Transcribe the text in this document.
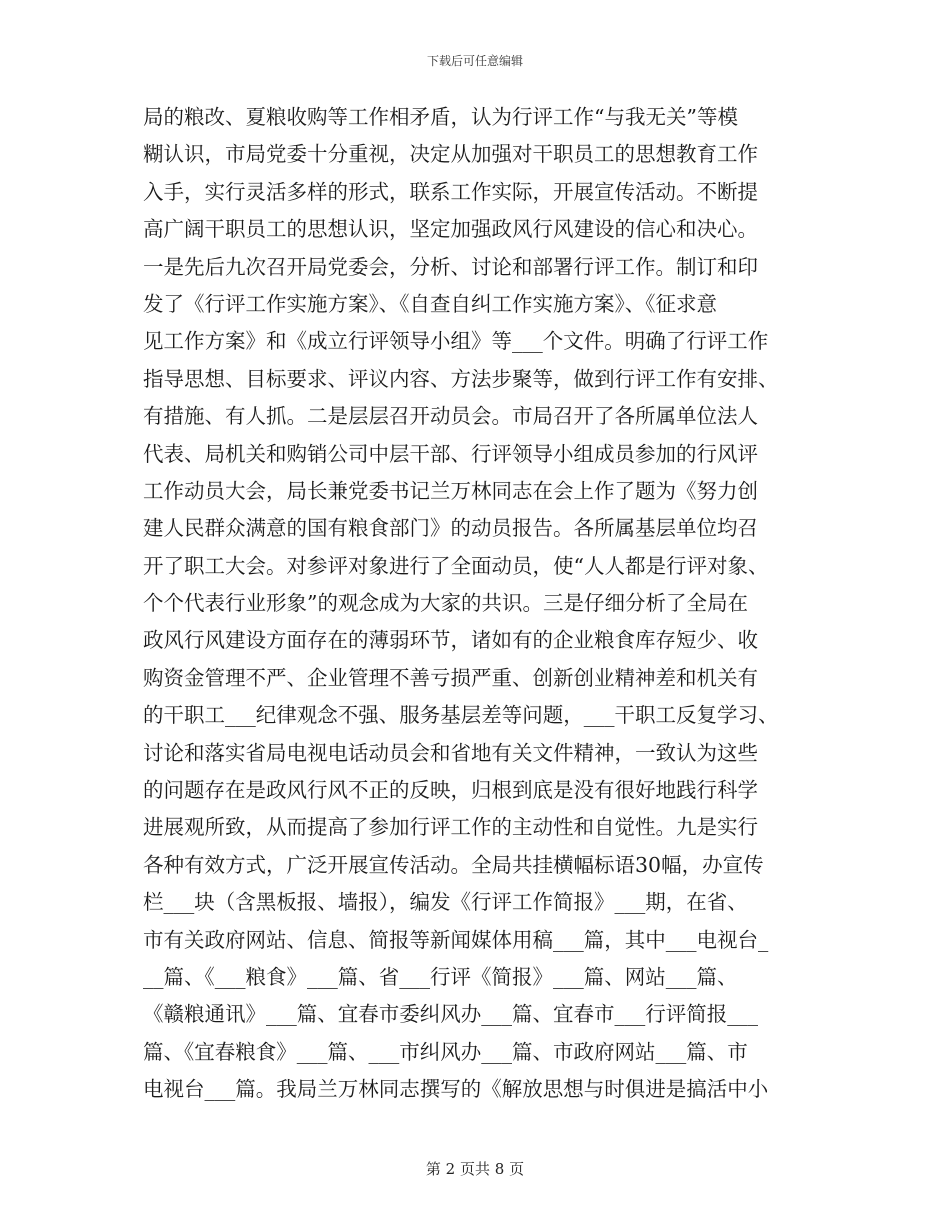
下载后可任意编辑
局的粮改、夏粮收购等工作相矛盾，认为行评工作“与我无关”等模
糊认识，市局党委十分重视，决定从加强对干职员工的思想教育工作
入手，实行灵活多样的形式，联系工作实际，开展宣传活动。不断提
高广阔干职员工的思想认识，坚定加强政风行风建设的信心和决心。
一是先后九次召开局党委会，分析、讨论和部署行评工作。制订和印
发了《行评工作实施方案》、《自查自纠工作实施方案》、《征求意
见工作方案》和《成立行评领导小组》等___个文件。明确了行评工作
指导思想、目标要求、评议内容、方法步聚等，做到行评工作有安排、
有措施、有人抓。二是层层召开动员会。市局召开了各所属单位法人
代表、局机关和购销公司中层干部、行评领导小组成员参加的行风评
工作动员大会，局长兼党委书记兰万林同志在会上作了题为《努力创
建人民群众满意的国有粮食部门》的动员报告。各所属基层单位均召
开了职工大会。对参评对象进行了全面动员，使“人人都是行评对象、
个个代表行业形象”的观念成为大家的共识。三是仔细分析了全局在
政风行风建设方面存在的薄弱环节，诸如有的企业粮食库存短少、收
购资金管理不严、企业管理不善亏损严重、创新创业精神差和机关有
的干职工___纪律观念不强、服务基层差等问题，___干职工反复学习、
讨论和落实省局电视电话动员会和省地有关文件精神，一致认为这些
的问题存在是政风行风不正的反映，归根到底是没有很好地践行科学
进展观所致，从而提高了参加行评工作的主动性和自觉性。九是实行
各种有效方式，广泛开展宣传活动。全局共挂横幅标语30幅，办宣传
栏___块（含黑板报、墙报），编发《行评工作简报》___期，在省、
市有关政府网站、信息、简报等新闻媒体用稿___篇，其中___电视台_
__篇、《___粮食》___篇、省___行评《简报》___篇、网站___篇、
《赣粮通讯》___篇、宜春市委纠风办___篇、宜春市___行评简报___
篇、《宜春粮食》___篇、___市纠风办___篇、市政府网站___篇、市
电视台___篇。我局兰万林同志撰写的《解放思想与时俱进是搞活中小
第 2 页共 8 页
